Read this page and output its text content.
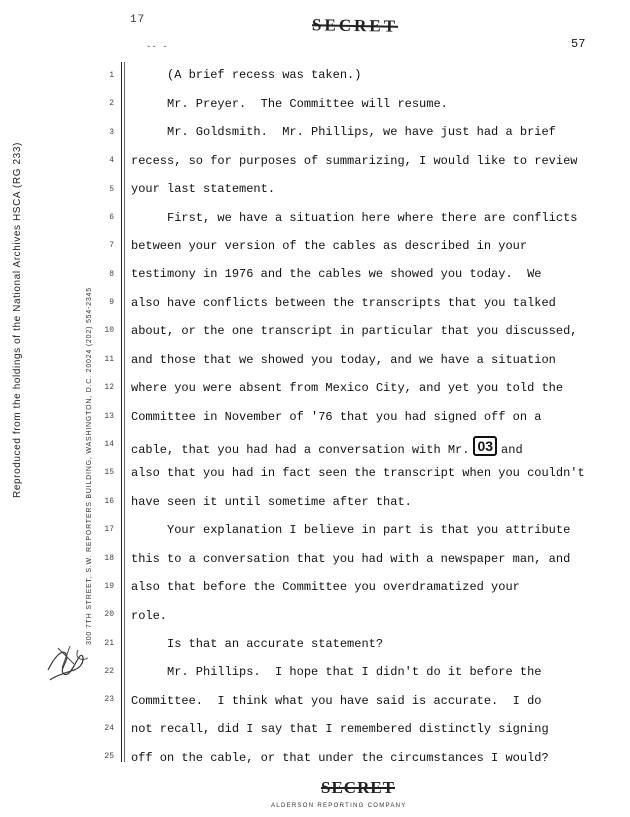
17
-- -
SECRET
57
Reproduced from the holdings of the National Archives HSCA (RG 233)	300 7TH STREET, S.W. REPORTERS BUILDING, WASHINGTON, D.C. 20024 (202) 554-2345
1
2
3
4
5
6
7
8
9
10
11
12
13
14
15
16
17
18
19
20
21
22
23
24
25
(A brief recess was taken.)
Mr. Preyer.  The Committee will resume.
Mr. Goldsmith.  Mr. Phillips, we have just had a brief
recess, so for purposes of summarizing, I would like to review
your last statement.
First, we have a situation here where there are conflicts
between your version of the cables as described in your
testimony in 1976 and the cables we showed you today.  We
also have conflicts between the transcripts that you talked
about, or the one transcript in particular that you discussed,
and those that we showed you today, and we have a situation
where you were absent from Mexico City, and yet you told the
Committee in November of '76 that you had signed off on a
cable, that you had had a conversation with Mr. 03 and
also that you had in fact seen the transcript when you couldn't
have seen it until sometime after that.
Your explanation I believe in part is that you attribute
this to a conversation that you had with a newspaper man, and
also that before the Committee you overdramatized your
role.
Is that an accurate statement?
Mr. Phillips.  I hope that I didn't do it before the
Committee.  I think what you have said is accurate.  I do
not recall, did I say that I remembered distinctly signing
off on the cable, or that under the circumstances I would?
SECRET
ALDERSON REPORTING COMPANY
